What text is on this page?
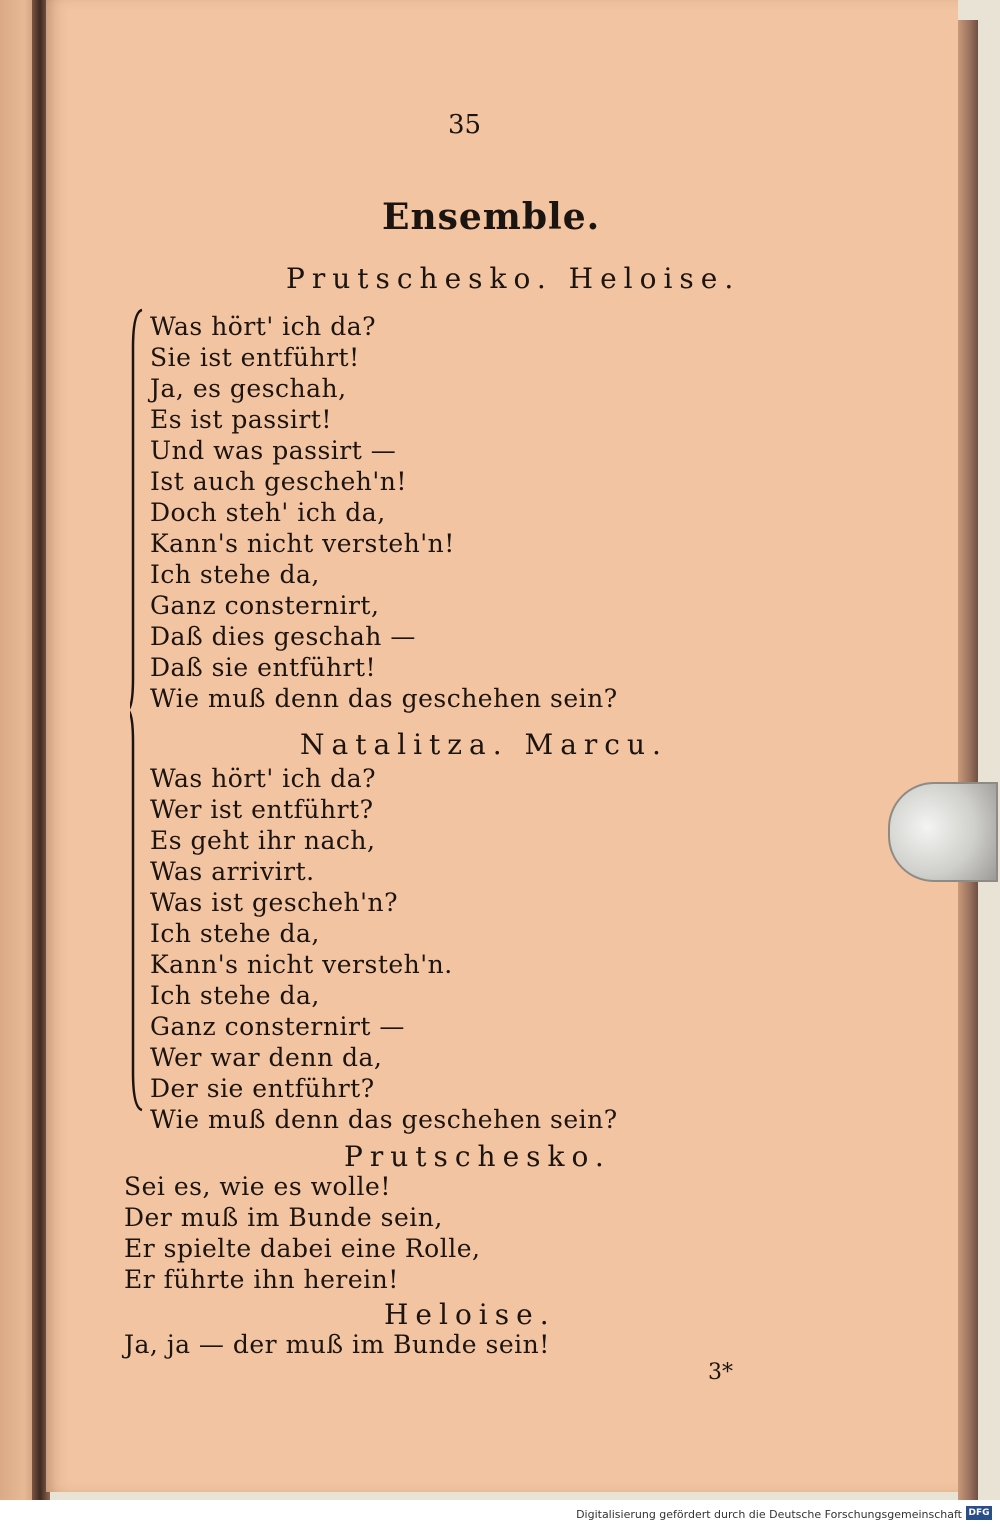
35
Ensemble.
Prutschesko. Heloise.
Was hört' ich da?
Sie ist entführt!
Ja, es geschah,
Es ist passirt!
Und was passirt —
Ist auch gescheh'n!
Doch steh' ich da,
Kann's nicht versteh'n!
Ich stehe da,
Ganz consternirt,
Daß dies geschah —
Daß sie entführt!
Wie muß denn das geschehen sein?
Natalitza. Marcu.
Was hört' ich da?
Wer ist entführt?
Es geht ihr nach,
Was arrivirt.
Was ist gescheh'n?
Ich stehe da,
Kann's nicht versteh'n.
Ich stehe da,
Ganz consternirt —
Wer war denn da,
Der sie entführt?
Wie muß denn das geschehen sein?
Prutschesko.
Sei es, wie es wolle!
Der muß im Bunde sein,
Er spielte dabei eine Rolle,
Er führte ihn herein!
Heloise.
Ja, ja — der muß im Bunde sein!
3*
Digitalisierung gefördert durch die Deutsche Forschungsgemeinschaft DFG
